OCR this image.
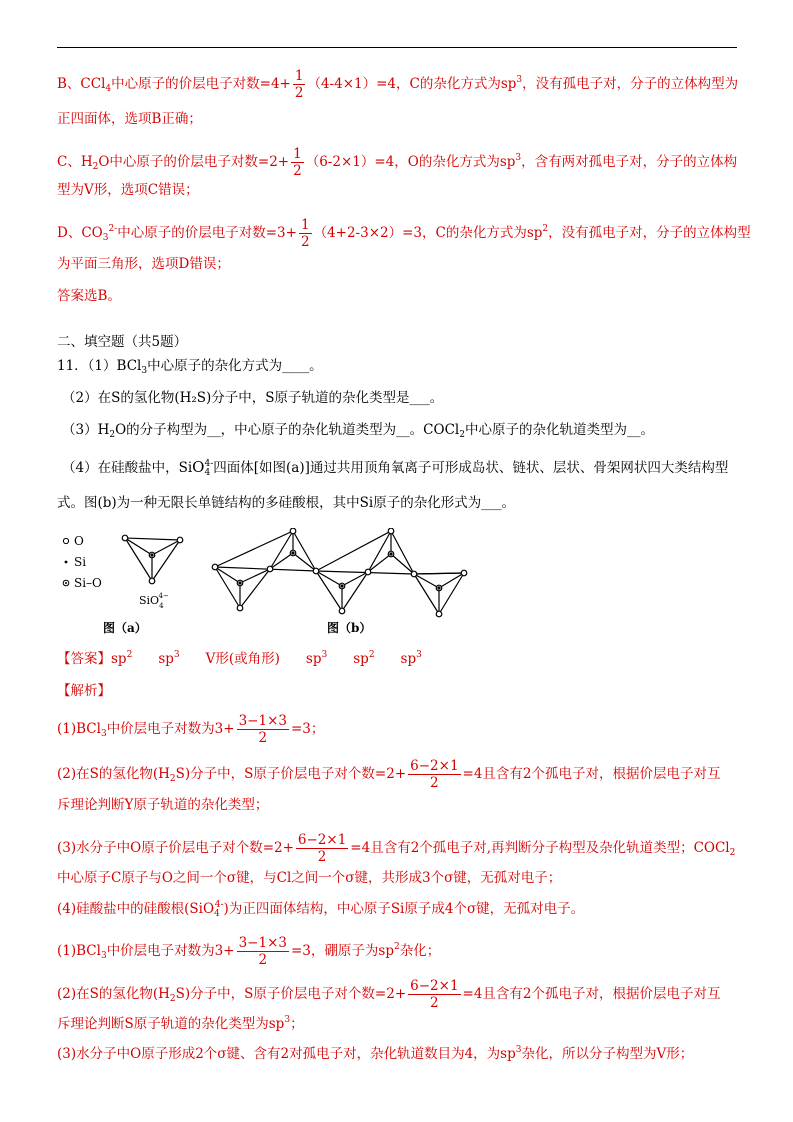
B、CCl$_4$中心原子的价层电子对数$=4+ \frac{1}{2} (4-4\times 1)=4$，C的杂化方式为$sp^3$，没有孤电子对，分子的立体构型为
正四面体，选项B正确；
C、$H_2O$中心原子的价层电子对数$=2+ \frac{1}{2} (6-2\times 1)=4$，O的杂化方式为$sp^3$，含有两对孤电子对，分子的立体构
型为V形，选项C错误；
D、$CO_3^{2-}$中心原子的价层电子对数$=3+ \frac{1}{2} (4+2-3\times 2)=3$，C的杂化方式为$sp^2$，没有孤电子对，分子的立体构型
为平面三角形，选项D错误；
答案选B。
二、填空题（共5题）
11．（1）BCl$_3$中心原子的杂化方式为____。
（2）在S的氢化物(H₂S)分子中，S原子轨道的杂化类型是___。
$(3)H_2O$的分子构型为__，中心原子的杂化轨道类型为__。COCl$_2$中心原子的杂化轨道类型为__。
（4）在硅酸盐中，SiO 4-
4 四面体[如图(a)]通过共用顶角氧离子可形成岛状、链状、层状、骨架网状四大类结构型
式。图(b)为一种无限长单链结构的多硅酸根，其中Si原子的杂化形式为___。
O
Si
Si–O
SiO$_4$4−
图（a）	图（b）
【答案】$sp^2$ $sp^3$ V形(或角形) $sp^3$ $sp^2$ $sp^3$
【解析】
(1)BCl$_3$中价层电子对数为$3+ \frac{3-1\times 3}{2} =3$；
(2)在S的氢化物$(H_2S)$分子中，S原子价层电子对个数$=2+ \frac{6-2\times 1}{2} =4$且含有2个孤电子对，根据价层电子对互
斥理论判断Y原子轨道的杂化类型；
(3)水分子中O原子价层电子对个数$=2+ \frac{6-2\times 1}{2} =4$且含有2个孤电子对,再判断分子构型及杂化轨道类型；COCl$_2$
中心原子C原子与O之间一个σ键，与Cl之间一个σ键，共形成3个σ键，无孤对电子；
(4)硅酸盐中的硅酸根(SiO$_4^{4-}$)为正四面体结构，中心原子Si原子成4个σ键，无孤对电子。
(1)BCl$_3$中价层电子对数为$3+ \frac{3-1\times 3}{2} =3$，硼原子为$sp^2$杂化；
(2)在S的氢化物$(H_2S)$分子中，S原子价层电子对个数$=2+ \frac{6-2\times 1}{2} =4$且含有2个孤电子对，根据价层电子对互
斥理论判断S原子轨道的杂化类型为$sp^3$；
(3)水分子中O原子形成2个σ键、含有2对孤电子对，杂化轨道数目为4，为$sp^3$杂化，所以分子构型为V形；
